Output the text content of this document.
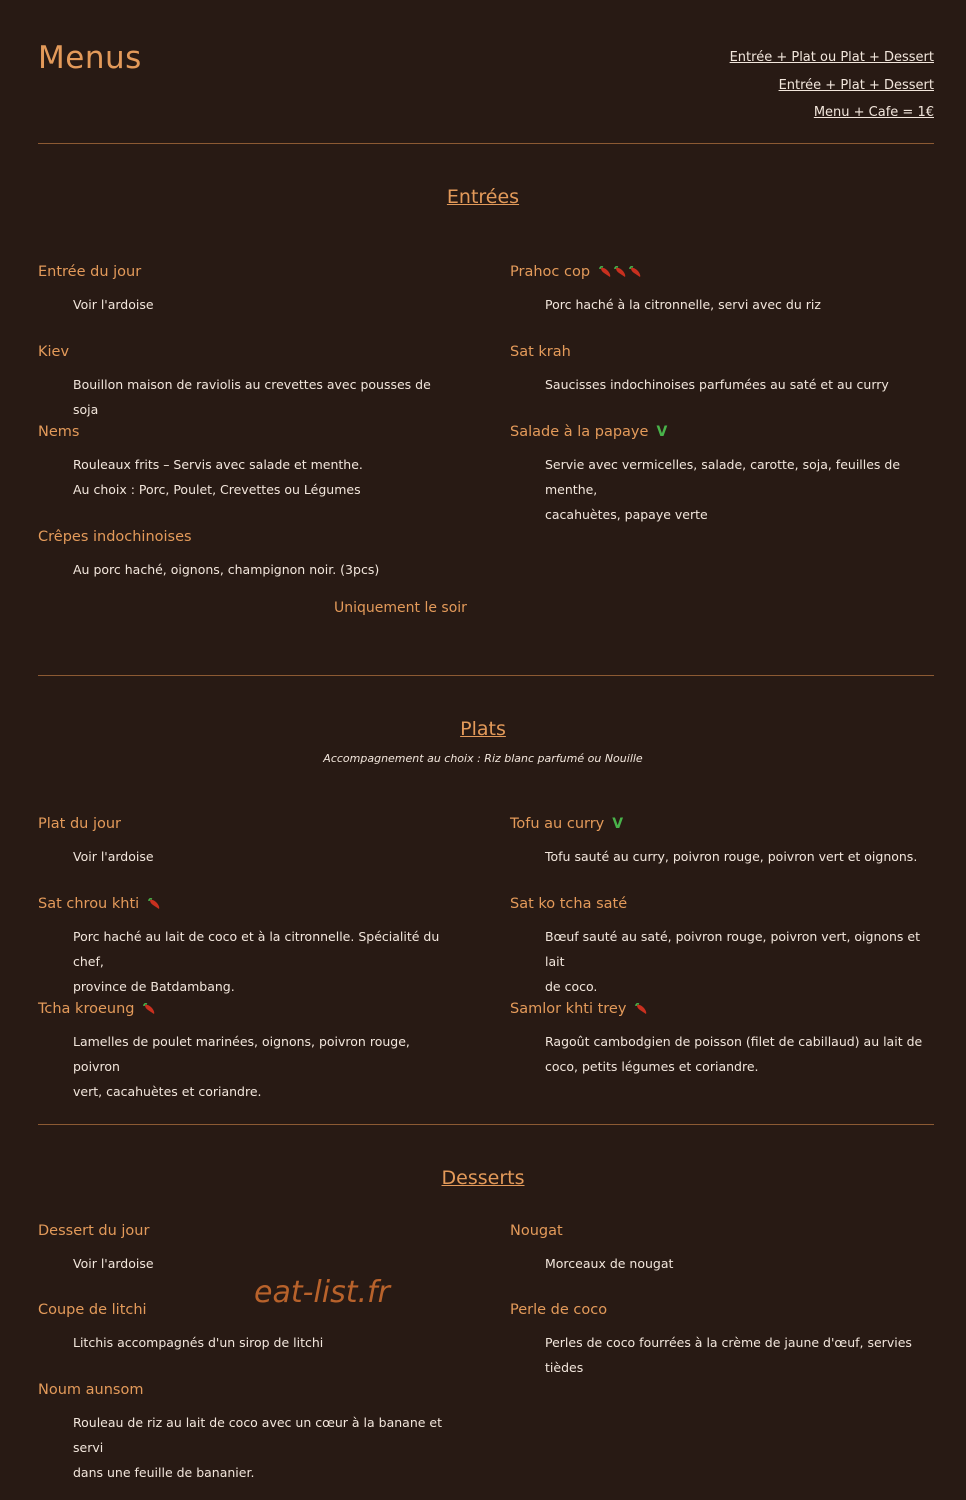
Menus	Entrée + Plat ou Plat + Dessert
Entrée + Plat + Dessert
Menu + Cafe = 1€
Entrées
Entrée du jour
Voir l'ardoise
Prahoc cop
Porc haché à la citronnelle, servi avec du riz
Kiev
Bouillon maison de raviolis au crevettes avec pousses de soja
Sat krah
Saucisses indochinoises parfumées au saté et au curry
Nems
Rouleaux frits – Servis avec salade et menthe.
Au choix : Porc, Poulet, Crevettes ou Légumes
Salade à la papaye V
Servie avec vermicelles, salade, carotte, soja, feuilles de menthe,
cacahuètes, papaye verte
Crêpes indochinoises
Au porc haché, oignons, champignon noir. (3pcs)
Uniquement le soir
Plats
Accompagnement au choix : Riz blanc parfumé ou Nouille
Plat du jour
Voir l'ardoise
Tofu au curry V
Tofu sauté au curry, poivron rouge, poivron vert et oignons.
Sat chrou khti
Porc haché au lait de coco et à la citronnelle. Spécialité du chef,
province de Batdambang.
Sat ko tcha saté
Bœuf sauté au saté, poivron rouge, poivron vert, oignons et lait
de coco.
Tcha kroeung
Lamelles de poulet marinées, oignons, poivron rouge, poivron
vert, cacahuètes et coriandre.
Samlor khti trey
Ragoût cambodgien de poisson (filet de cabillaud) au lait de
coco, petits légumes et coriandre.
Desserts
Dessert du jour
Voir l'ardoise
Nougat
Morceaux de nougat
Coupe de litchi
Litchis accompagnés d'un sirop de litchi
Perle de coco
Perles de coco fourrées à la crème de jaune d'œuf, servies tièdes
Noum aunsom
Rouleau de riz au lait de coco avec un cœur à la banane et servi
dans une feuille de bananier.
eat-list.fr
